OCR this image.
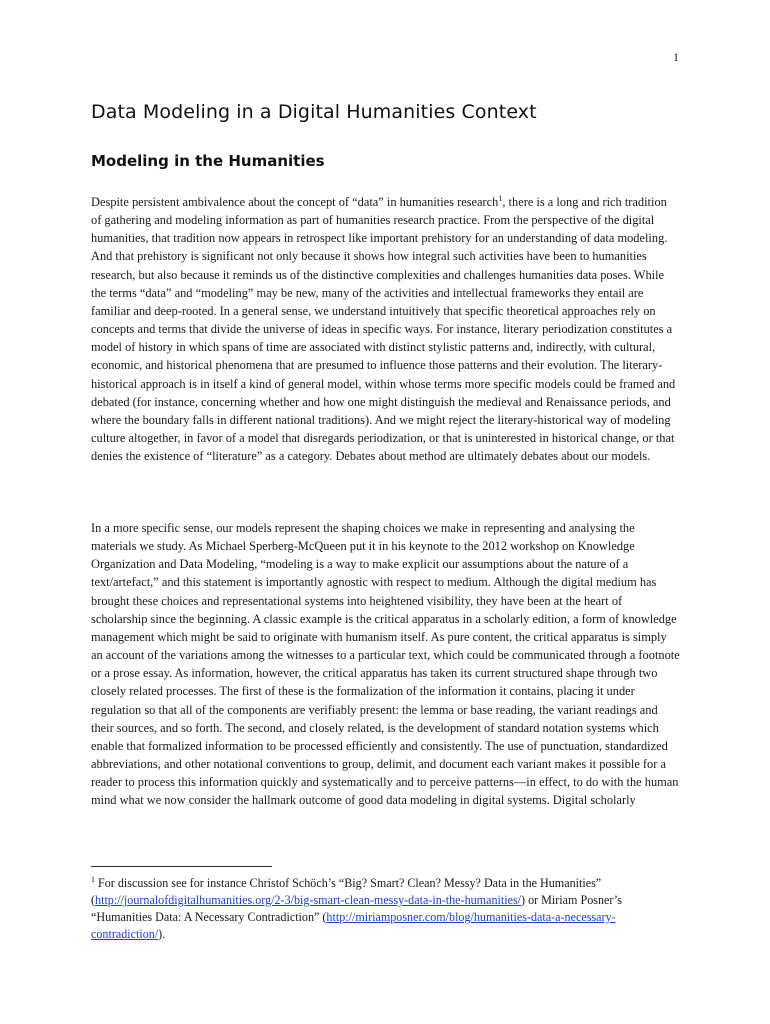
1
Data Modeling in a Digital Humanities Context
Modeling in the Humanities

Despite persistent ambivalence about the concept of “data” in humanities research$^1$, there is a long and rich tradition of gathering and modeling information as part of humanities research practice. From the perspective of the digital humanities, that tradition now appears in retrospect like important prehistory for an understanding of data modeling. And that prehistory is significant not only because it shows how integral such activities have been to humanities research, but also because it reminds us of the distinctive complexities and challenges humanities data poses. While the terms “data” and “modeling” may be new, many of the activities and intellectual frameworks they entail are familiar and deep-rooted. In a general sense, we understand intuitively that specific theoretical approaches rely on concepts and terms that divide the universe of ideas in specific ways. For instance, literary periodization constitutes a model of history in which spans of time are associated with distinct stylistic patterns and, indirectly, with cultural, economic, and historical phenomena that are presumed to influence those patterns and their evolution. The literary-historical approach is in itself a kind of general model, within whose terms more specific models could be framed and debated (for instance, concerning whether and how one might distinguish the medieval and Renaissance periods, and where the boundary falls in different national traditions). And we might reject the literary-historical way of modeling culture altogether, in favor of a model that disregards periodization, or that is uninterested in historical change, or that denies the existence of “literature” as a category. Debates about method are ultimately debates about our models.

In a more specific sense, our models represent the shaping choices we make in representing and analysing the materials we study. As Michael Sperberg-McQueen put it in his keynote to the 2012 workshop on Knowledge Organization and Data Modeling, “modeling is a way to make explicit our assumptions about the nature of a text/artefact,” and this statement is importantly agnostic with respect to medium. Although the digital medium has brought these choices and representational systems into heightened visibility, they have been at the heart of scholarship since the beginning. A classic example is the critical apparatus in a scholarly edition, a form of knowledge management which might be said to originate with humanism itself. As pure content, the critical apparatus is simply an account of the variations among the witnesses to a particular text, which could be communicated through a footnote or a prose essay. As information, however, the critical apparatus has taken its current structured shape through two closely related processes. The first of these is the formalization of the information it contains, placing it under regulation so that all of the components are verifiably present: the lemma or base reading, the variant readings and their sources, and so forth. The second, and closely related, is the development of standard notation systems which enable that formalized information to be processed efficiently and consistently. The use of punctuation, standardized abbreviations, and other notational conventions to group, delimit, and document each variant makes it possible for a reader to process this information quickly and systematically and to perceive patterns—in effect, to do with the human mind what we now consider the hallmark outcome of good data modeling in digital systems. Digital scholarly

$^1$ For discussion see for instance Christof Schöch’s “Big? Smart? Clean? Messy? Data in the Humanities” (http://journalofdigitalhumanities.org/2-3/big-smart-clean-messy-data-in-the-humanities/) or Miriam Posner’s “Humanities Data: A Necessary Contradiction” (http://miriamposner.com/blog/humanities-data-a-necessary-contradiction/).
